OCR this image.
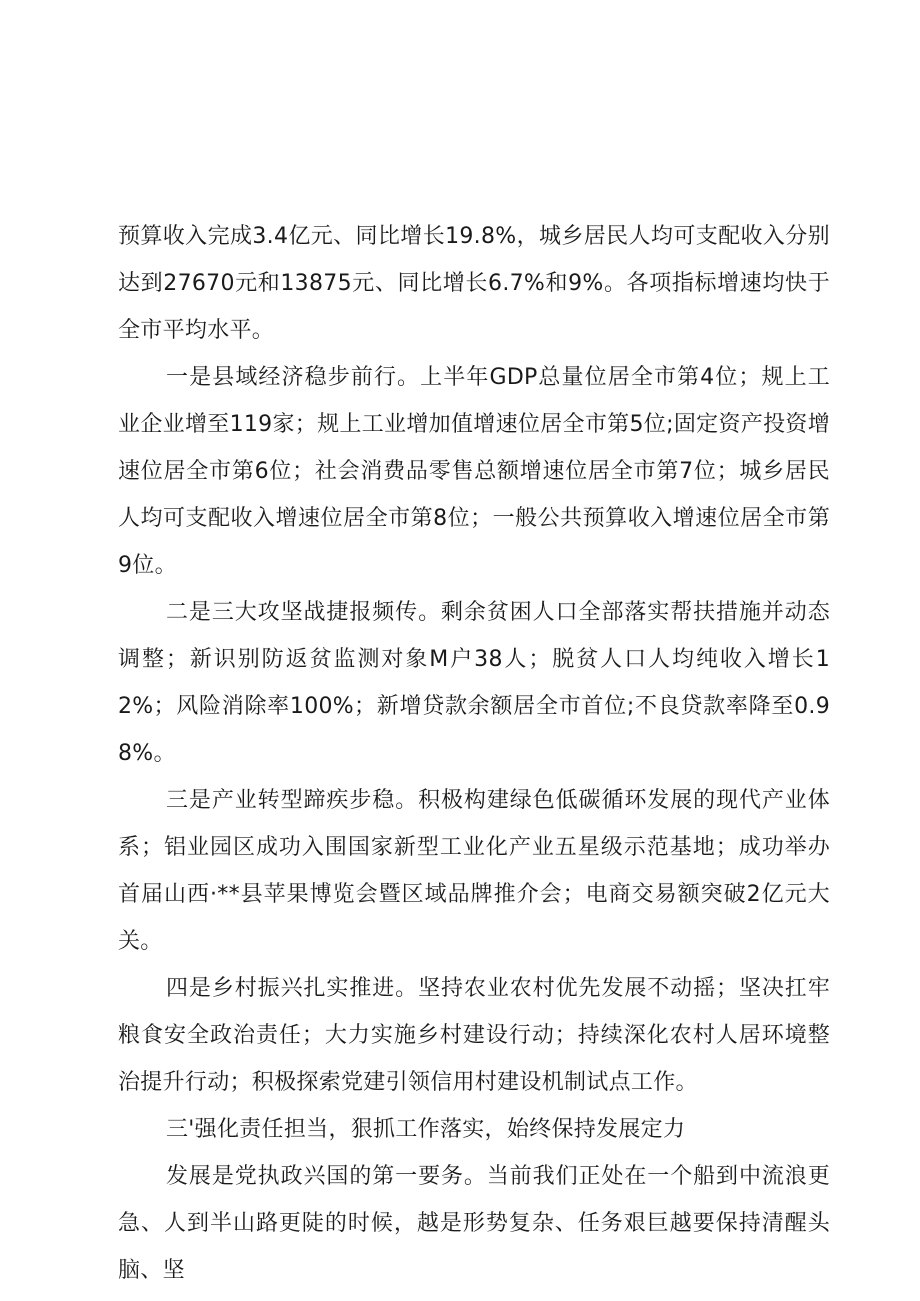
预算收入完成3.4亿元、同比增长19.8%，城乡居民人均可支配收入分别达到27670元和13875元、同比增长6.7%和9%。各项指标增速均快于全市平均水平。

一是县域经济稳步前行。上半年GDP总量位居全市第4位；规上工业企业增至119家；规上工业增加值增速位居全市第5位;固定资产投资增速位居全市第6位；社会消费品零售总额增速位居全市第7位；城乡居民人均可支配收入增速位居全市第8位；一般公共预算收入增速位居全市第9位。

二是三大攻坚战捷报频传。剩余贫困人口全部落实帮扶措施并动态调整；新识别防返贫监测对象M户38人；脱贫人口人均纯收入增长12%；风险消除率100%；新增贷款余额居全市首位;不良贷款率降至0.98%。

三是产业转型蹄疾步稳。积极构建绿色低碳循环发展的现代产业体系；铝业园区成功入围国家新型工业化产业五星级示范基地；成功举办首届山西·**县苹果博览会暨区域品牌推介会；电商交易额突破2亿元大关。

四是乡村振兴扎实推进。坚持农业农村优先发展不动摇；坚决扛牢粮食安全政治责任；大力实施乡村建设行动；持续深化农村人居环境整治提升行动；积极探索党建引领信用村建设机制试点工作。

三'强化责任担当，狠抓工作落实，始终保持发展定力

发展是党执政兴国的第一要务。当前我们正处在一个船到中流浪更急、人到半山路更陡的时候，越是形势复杂、任务艰巨越要保持清醒头脑、坚
